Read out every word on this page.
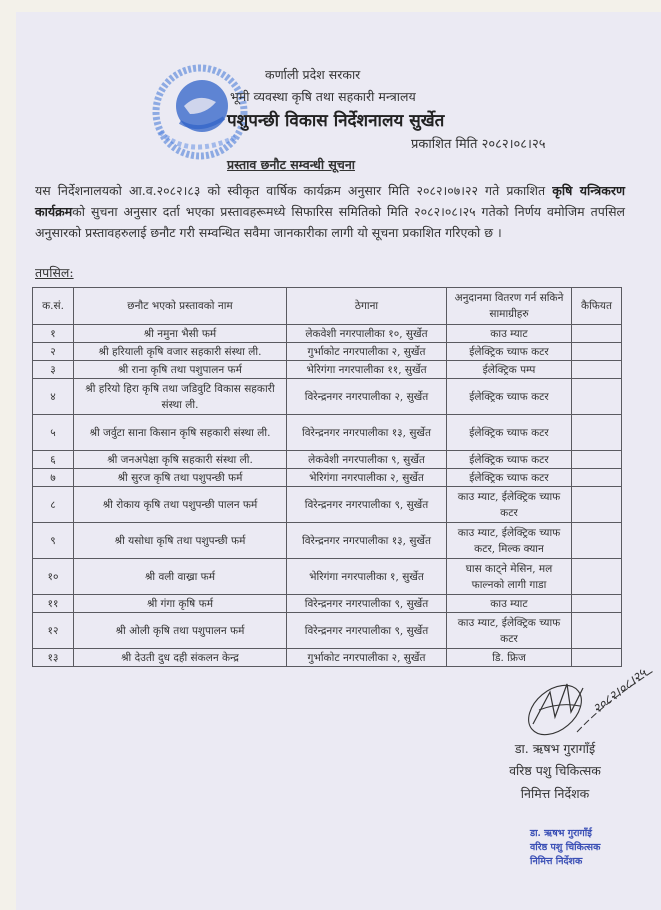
कर्णाली प्रदेश सरकार
भूमी व्यवस्था कृषि तथा सहकारी मन्त्रालय
पशुपन्छी विकास निर्देशनालय सुर्खेत
प्रकाशित मिति २०८२।०८।२५
प्रस्ताव छनौट सम्वन्धी सूचना
यस निर्देशनालयको आ.व.२०८२।८३ को स्वीकृत वार्षिक कार्यक्रम अनुसार मिति २०८२।०७।२२ गते प्रकाशित कृषि यन्त्रिकरण कार्यक्रमको सुचना अनुसार दर्ता भएका प्रस्तावहरूमध्ये सिफारिस समितिको मिति २०८२।०८।२५ गतेको निर्णय वमोजिम तपसिल अनुसारको प्रस्तावहरुलाई छनौट गरी सम्वन्धित सवैमा जानकारीका लागी यो सूचना प्रकाशित गरिएको छ ।
तपसिल:
क.सं.	छनौट भएको प्रस्तावको नाम	ठेगाना	अनुदानमा वितरण गर्न सकिने सामाग्रीहरु	कैफियत
१	श्री नमुना भैसी फर्म	लेकवेशी नगरपालीका १०, सुर्खेत	काउ म्याट	
२	श्री हरियाली कृषि वजार सहकारी संस्था ली.	गुर्भाकोट नगरपालीका २, सुर्खेत	ईलेक्ट्रिक च्याफ कटर	
३	श्री राना कृषि तथा पशुपालन फर्म	भेरिगंगा नगरपालीका ११, सुर्खेत	ईलेक्ट्रिक पम्प	
४	श्री हरियो हिरा कृषि तथा जडिवुटि विकास सहकारी संस्था ली.	विरेन्द्रनगर नगरपालीका २, सुर्खेत	ईलेक्ट्रिक च्याफ कटर	
५	श्री जर्वुटा साना किसान कृषि सहकारी संस्था ली.	विरेन्द्रनगर नगरपालीका १३, सुर्खेत	ईलेक्ट्रिक च्याफ कटर	
६	श्री जनअपेक्षा कृषि सहकारी संस्था ली.	लेकवेशी नगरपालीका ९, सुर्खेत	ईलेक्ट्रिक च्याफ कटर	
७	श्री सुरज कृषि तथा पशुपन्छी फर्म	भेरिगंगा नगरपालीका २, सुर्खेत	ईलेक्ट्रिक च्याफ कटर	
८	श्री रोकाय कृषि तथा पशुपन्छी पालन फर्म	विरेन्द्रनगर नगरपालीका ९, सुर्खेत	काउ म्याट, ईलेक्ट्रिक च्याफ कटर	
९	श्री यसोधा कृषि तथा पशुपन्छी फर्म	विरेन्द्रनगर नगरपालीका १३, सुर्खेत	काउ म्याट, ईलेक्ट्रिक च्याफ कटर, मिल्क क्यान	
१०	श्री वली वाख्रा फर्म	भेरिगंगा नगरपालीका १, सुर्खेत	घास काट्ने मेसिन, मल फाल्नको लागी गाडा	
११	श्री गंगा कृषि फर्म	विरेन्द्रनगर नगरपालीका ९, सुर्खेत	काउ म्याट	
१२	श्री ओली कृषि तथा पशुपालन फर्म	विरेन्द्रनगर नगरपालीका ९, सुर्खेत	काउ म्याट, ईलेक्ट्रिक च्याफ कटर	
१३	श्री देउती दुध दही संकलन केन्द्र	गुर्भाकोट नगरपालीका २, सुर्खेत	डि. फ्रिज	
२०८२।०८।२५
डा. ऋषभ गुरागाँई
वरिष्ठ पशु चिकित्सक
निमित्त निर्देशक
डा. ऋषभ गुरागाँई
वरिष्ठ पशु चिकित्सक
निमित्त निर्देशक
